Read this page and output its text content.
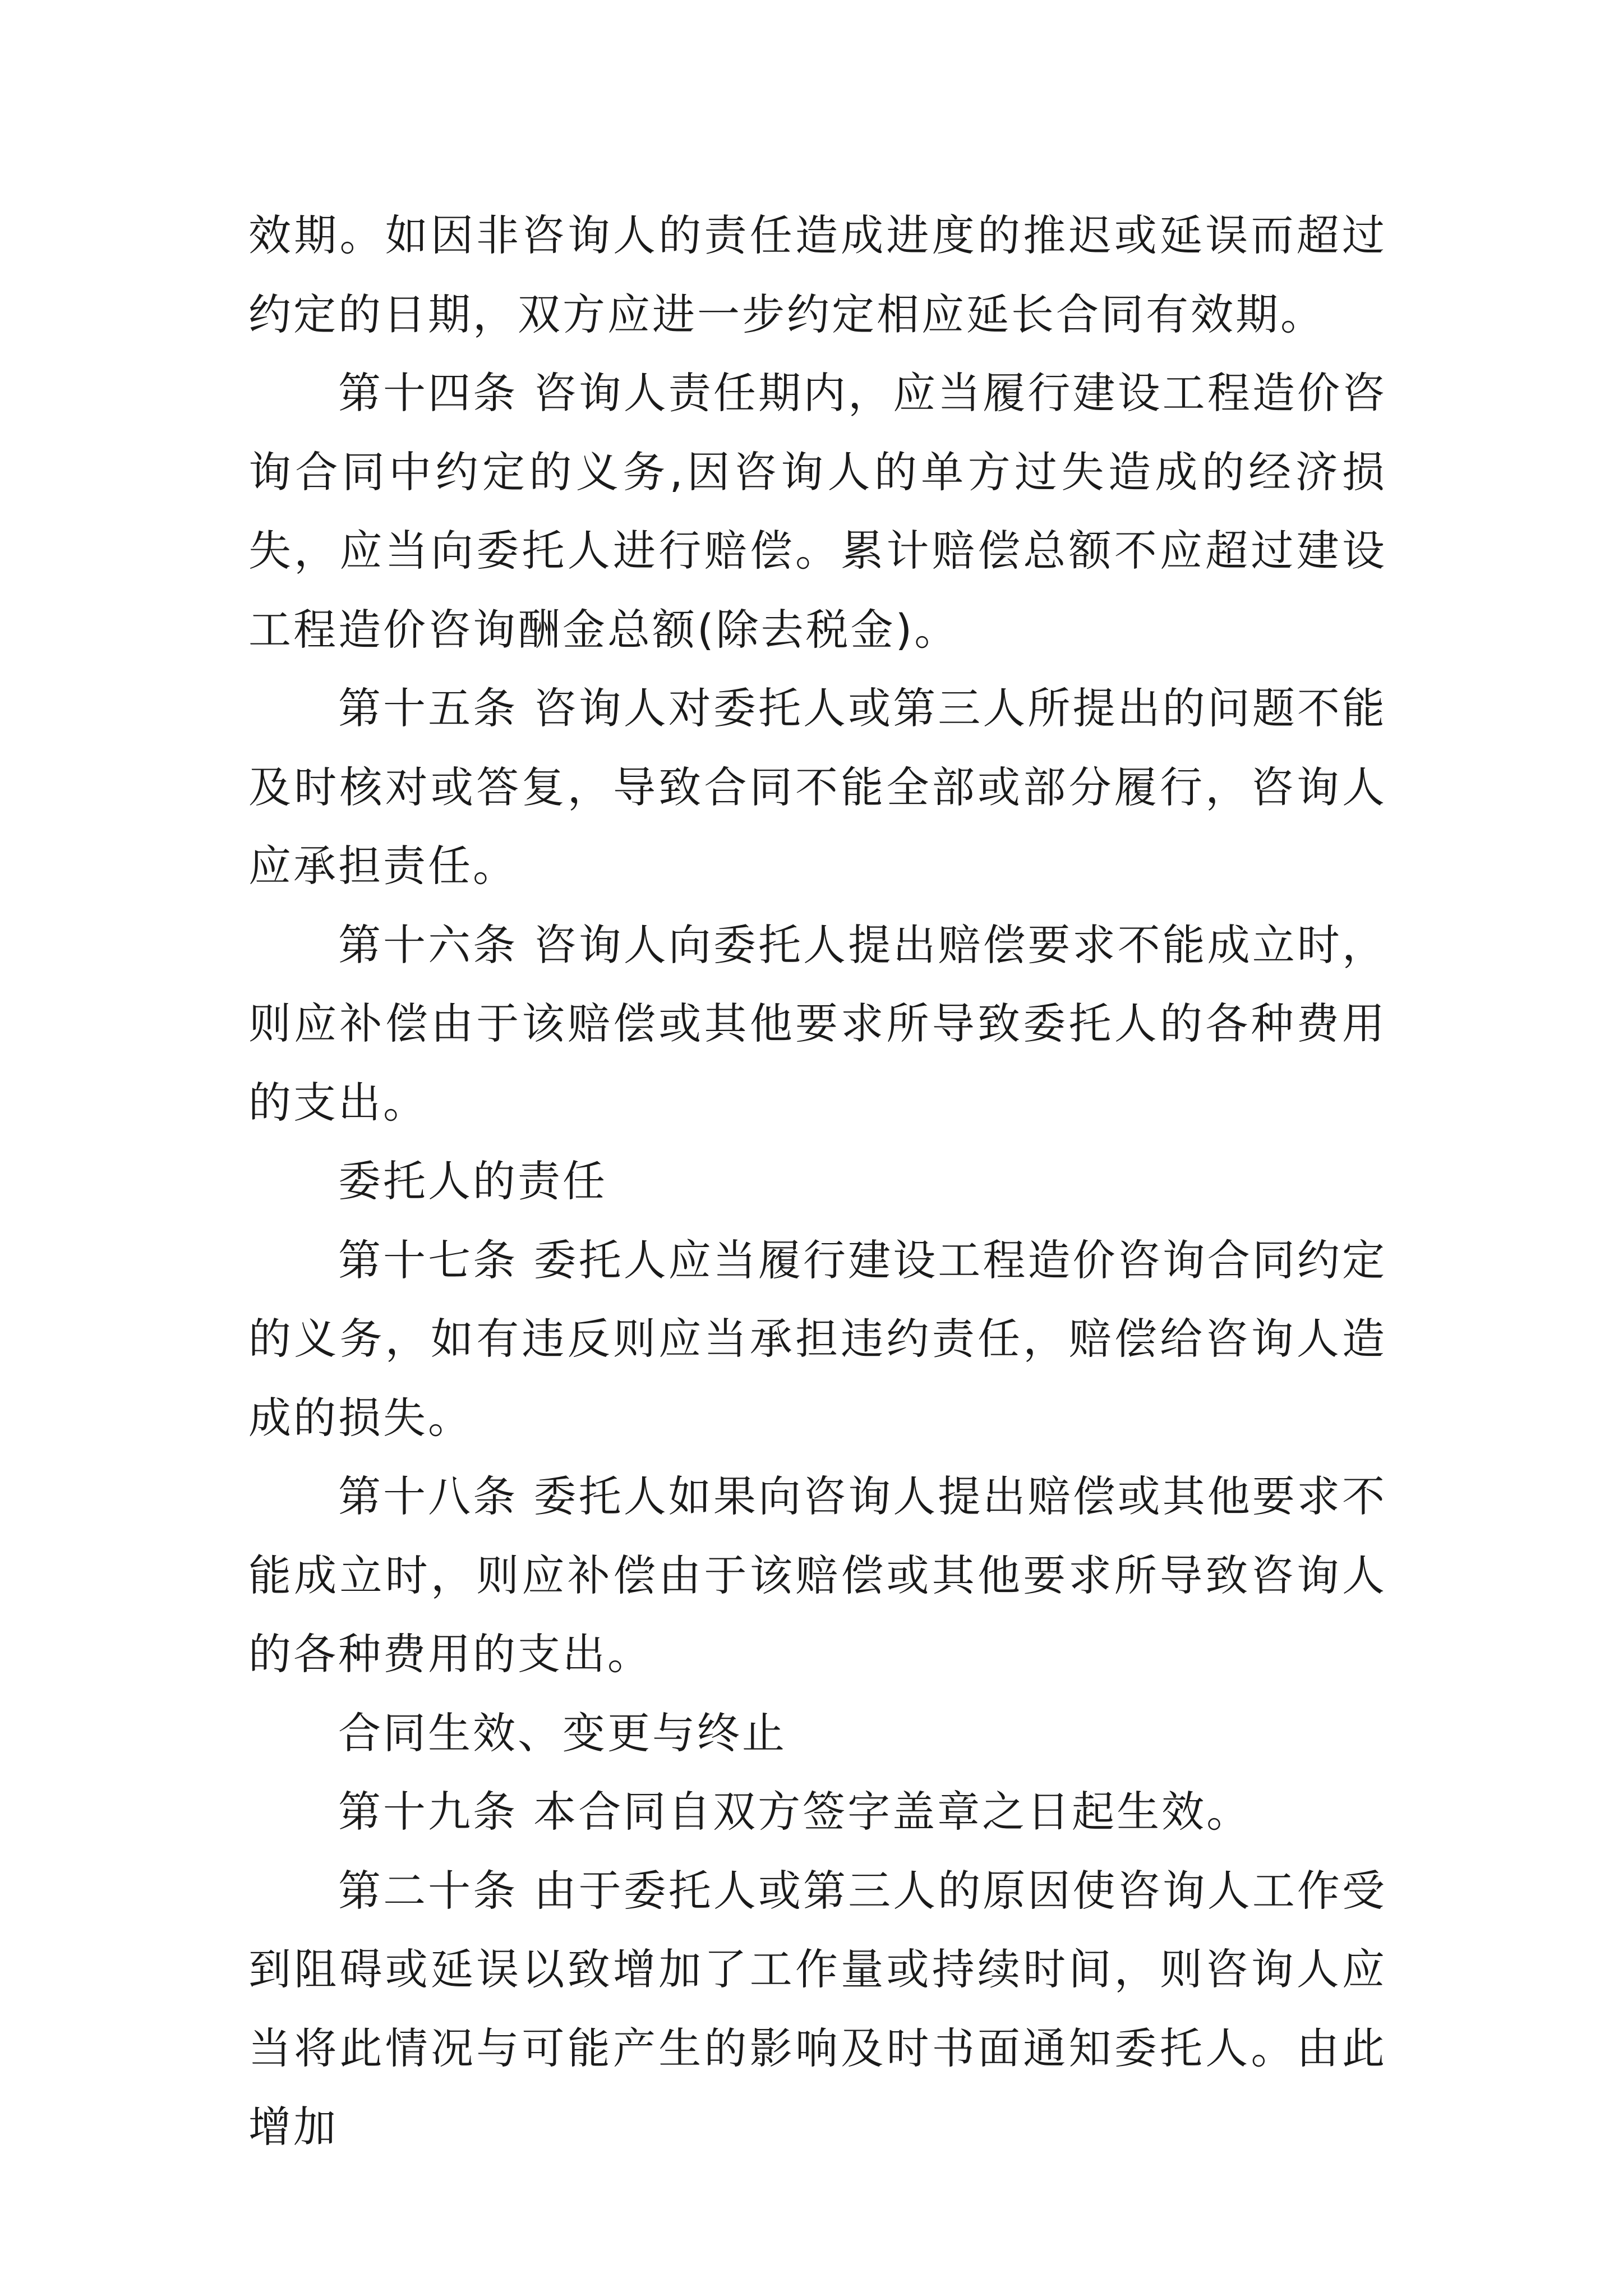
效期。如因非咨询人的责任造成进度的推迟或延误而超过约定的日期，双方应进一步约定相应延长合同有效期。

第十四条 咨询人责任期内，应当履行建设工程造价咨询合同中约定的义务,因咨询人的单方过失造成的经济损失，应当向委托人进行赔偿。累计赔偿总额不应超过建设工程造价咨询酬金总额(除去税金)。

第十五条 咨询人对委托人或第三人所提出的问题不能及时核对或答复，导致合同不能全部或部分履行，咨询人应承担责任。

第十六条 咨询人向委托人提出赔偿要求不能成立时，则应补偿由于该赔偿或其他要求所导致委托人的各种费用的支出。

委托人的责任

第十七条 委托人应当履行建设工程造价咨询合同约定的义务，如有违反则应当承担违约责任，赔偿给咨询人造成的损失。

第十八条 委托人如果向咨询人提出赔偿或其他要求不能成立时，则应补偿由于该赔偿或其他要求所导致咨询人的各种费用的支出。

合同生效、变更与终止

第十九条 本合同自双方签字盖章之日起生效。

第二十条 由于委托人或第三人的原因使咨询人工作受到阻碍或延误以致增加了工作量或持续时间，则咨询人应当将此情况与可能产生的影响及时书面通知委托人。由此增加
